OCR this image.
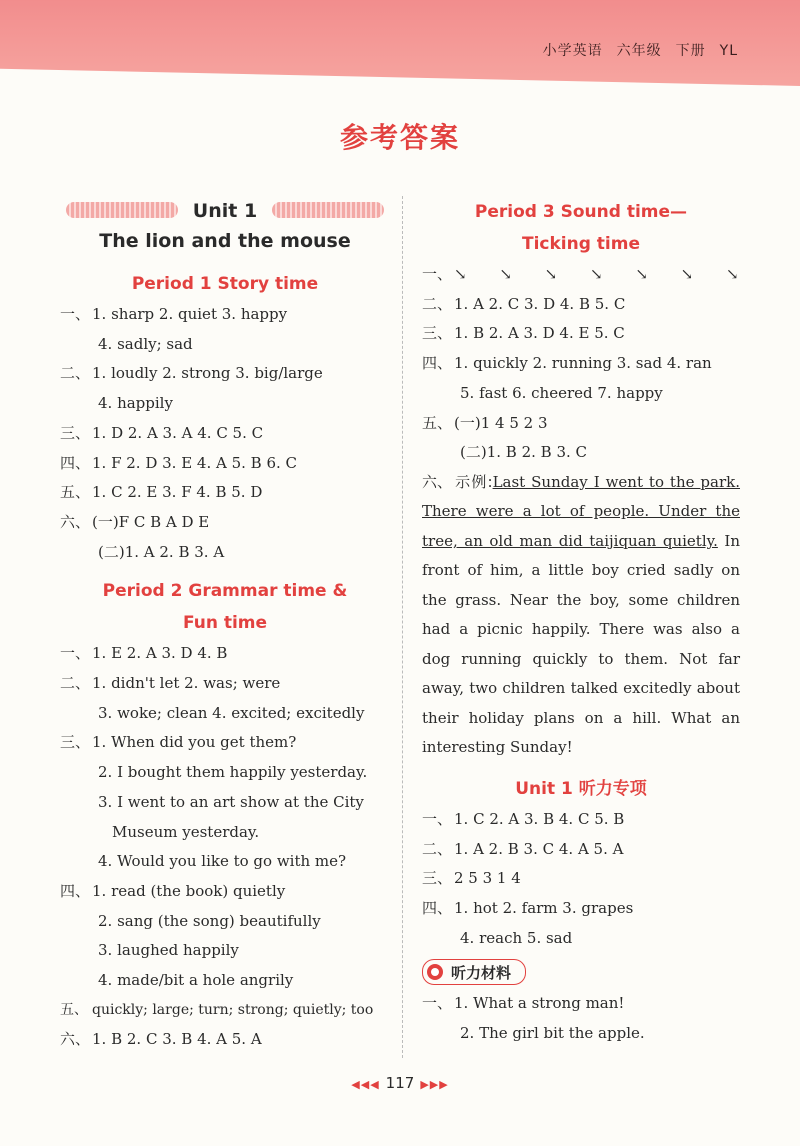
小学英语 六年级 下册 YL
参考答案
Unit 1
The lion and the mouse
Period 1 Story time
一、 1. sharp 2. quiet 3. happy
4. sadly; sad
二、 1. loudly 2. strong 3. big/large
4. happily
三、 1. D 2. A 3. A 4. C 5. C
四、 1. F 2. D 3. E 4. A 5. B 6. C
五、 1. C 2. E 3. F 4. B 5. D
六、 (一)F C B A D E
(二)1. A 2. B 3. A
Period 2 Grammar time &
Fun time
一、 1. E 2. A 3. D 4. B
二、 1. didn't let 2. was; were
3. woke; clean 4. excited; excitedly
三、 1. When did you get them?
2. I bought them happily yesterday.
3. I went to an art show at the City
Museum yesterday.
4. Would you like to go with me?
四、 1. read (the book) quietly
2. sang (the song) beautifully
3. laughed happily
4. made/bit a hole angrily
五、 quickly; large; turn; strong; quietly; too
六、 1. B 2. C 3. B 4. A 5. A
Period 3 Sound time—
Ticking time
一、 ↘ ↘ ↘ ↘ ↘ ↘ ↘
二、 1. A 2. C 3. D 4. B 5. C
三、 1. B 2. A 3. D 4. E 5. C
四、 1. quickly 2. running 3. sad 4. ran
5. fast 6. cheered 7. happy
五、 (一)1 4 5 2 3
(二)1. B 2. B 3. C
六、 示例:Last Sunday I went to the park. There were a lot of people. Under the tree, an old man did taijiquan quietly. In front of him, a little boy cried sadly on the grass. Near the boy, some children had a picnic happily. There was also a dog running quickly to them. Not far away, two children talked excitedly about their holiday plans on a hill. What an interesting Sunday!
Unit 1 听力专项
一、 1. C 2. A 3. B 4. C 5. B
二、 1. A 2. B 3. C 4. A 5. A
三、 2 5 3 1 4
四、 1. hot 2. farm 3. grapes
4. reach 5. sad
听力材料
一、 1. What a strong man!
2. The girl bit the apple.
◀◀◀ 117 ▶▶▶
